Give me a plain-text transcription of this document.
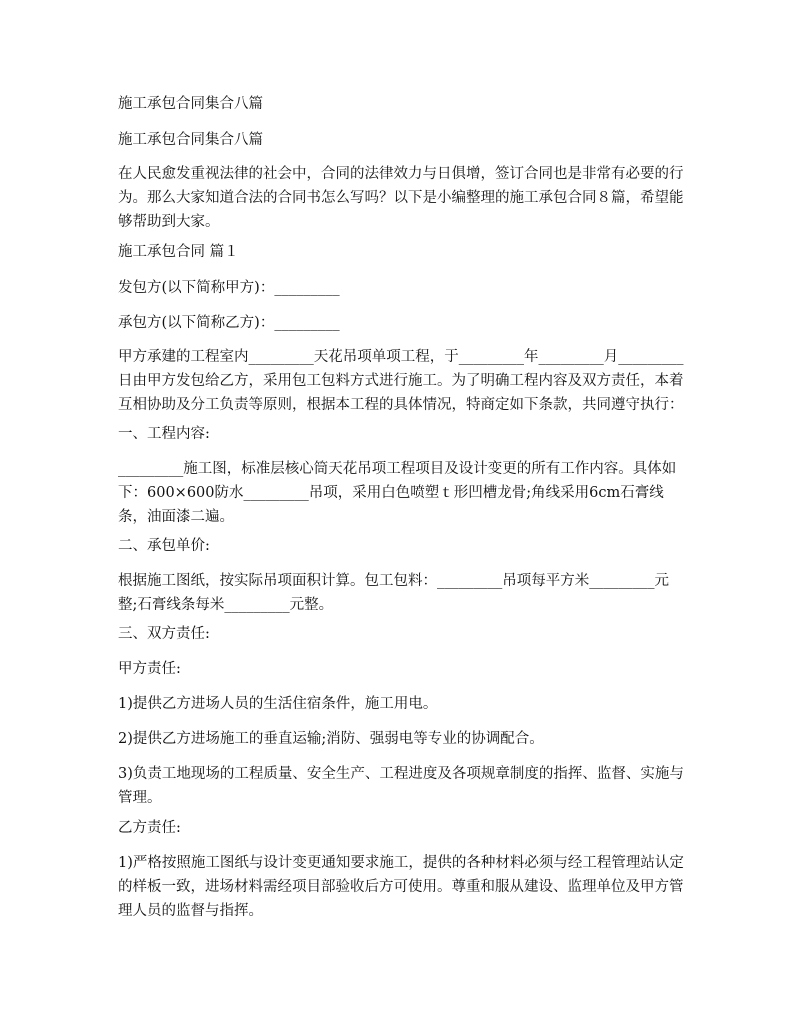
施工承包合同集合八篇

施工承包合同集合八篇

在人民愈发重视法律的社会中，合同的法律效力与日俱增，签订合同也是非常有必要的行为。那么大家知道合法的合同书怎么写吗？以下是小编整理的施工承包合同８篇，希望能够帮助到大家。

施工承包合同 篇１

发包方(以下简称甲方)：_________

承包方(以下简称乙方)：_________

甲方承建的工程室内_________天花吊项单项工程，于_________年_________月_________日由甲方发包给乙方，采用包工包料方式进行施工。为了明确工程内容及双方责任，本着互相协助及分工负责等原则，根据本工程的具体情况，特商定如下条款，共同遵守执行：

一、工程内容:

_________施工图，标准层核心筒天花吊项工程项目及设计变更的所有工作内容。具体如下：600×600防水_________吊项，采用白色喷塑ｔ形凹槽龙骨;角线采用6cm石膏线条，油面漆二遍。

二、承包单价:

根据施工图纸，按实际吊项面积计算。包工包料：_________吊项每平方米_________元整;石膏线条每米_________元整。

三、双方责任:

甲方责任:

1)提供乙方进场人员的生活住宿条件，施工用电。

2)提供乙方进场施工的垂直运输;消防、强弱电等专业的协调配合。

3)负责工地现场的工程质量、安全生产、工程进度及各项规章制度的指挥、监督、实施与管理。

乙方责任:

1)严格按照施工图纸与设计变更通知要求施工，提供的各种材料必须与经工程管理站认定的样板一致，进场材料需经项目部验收后方可使用。尊重和服从建设、监理单位及甲方管理人员的监督与指挥。
